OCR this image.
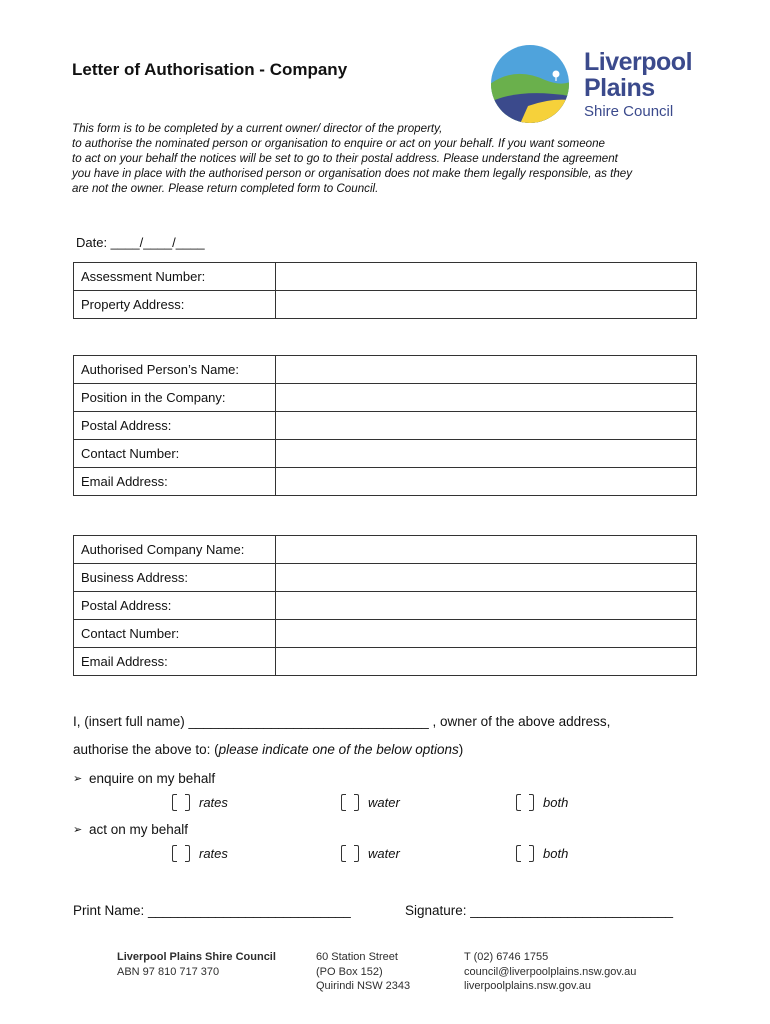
Letter of Authorisation - Company	Liverpool
Plains
Shire Council

This form is to be completed by a current owner/ director of the property,

to authorise the nominated person or organisation to enquire or act on your behalf. If you want someone

to act on your behalf the notices will be set to go to their postal address. Please understand the agreement

you have in place with the authorised person or organisation does not make them legally responsible, as they

are not the owner. Please return completed form to Council.

Date: ____/____/____
Assessment Number:	
Property Address:	
Authorised Person’s Name:	
Position in the Company:	
Postal Address:	
Contact Number:	
Email Address:	
Authorised Company Name:	
Business Address:	
Postal Address:	
Contact Number:	
Email Address:	
I, (insert full name) ________________________________ , owner of the above address,
authorise the above to: (please indicate one of the below options)
➢ enquire on my behalf
rates	water	both
➢ act on my behalf
rates	water	both
Print Name: ___________________________	Signature: ___________________________
Liverpool Plains Shire Council
ABN 97 810 717 370
60 Station Street
(PO Box 152)
Quirindi NSW 2343
T (02) 6746 1755
council@liverpoolplains.nsw.gov.au
liverpoolplains.nsw.gov.au
